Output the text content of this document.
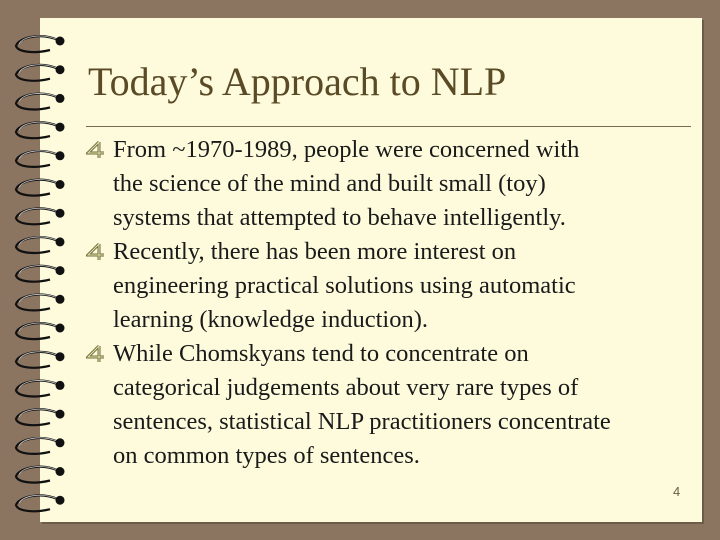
Today’s Approach to NLP
From ~1970-1989, people were concerned with
the science of the mind and built small (toy)
systems that attempted to behave intelligently.
Recently, there has been more interest on
engineering practical solutions using automatic
learning (knowledge induction).
While Chomskyans tend to concentrate on
categorical judgements about very rare types of
sentences, statistical NLP practitioners concentrate
on common types of sentences.
4
